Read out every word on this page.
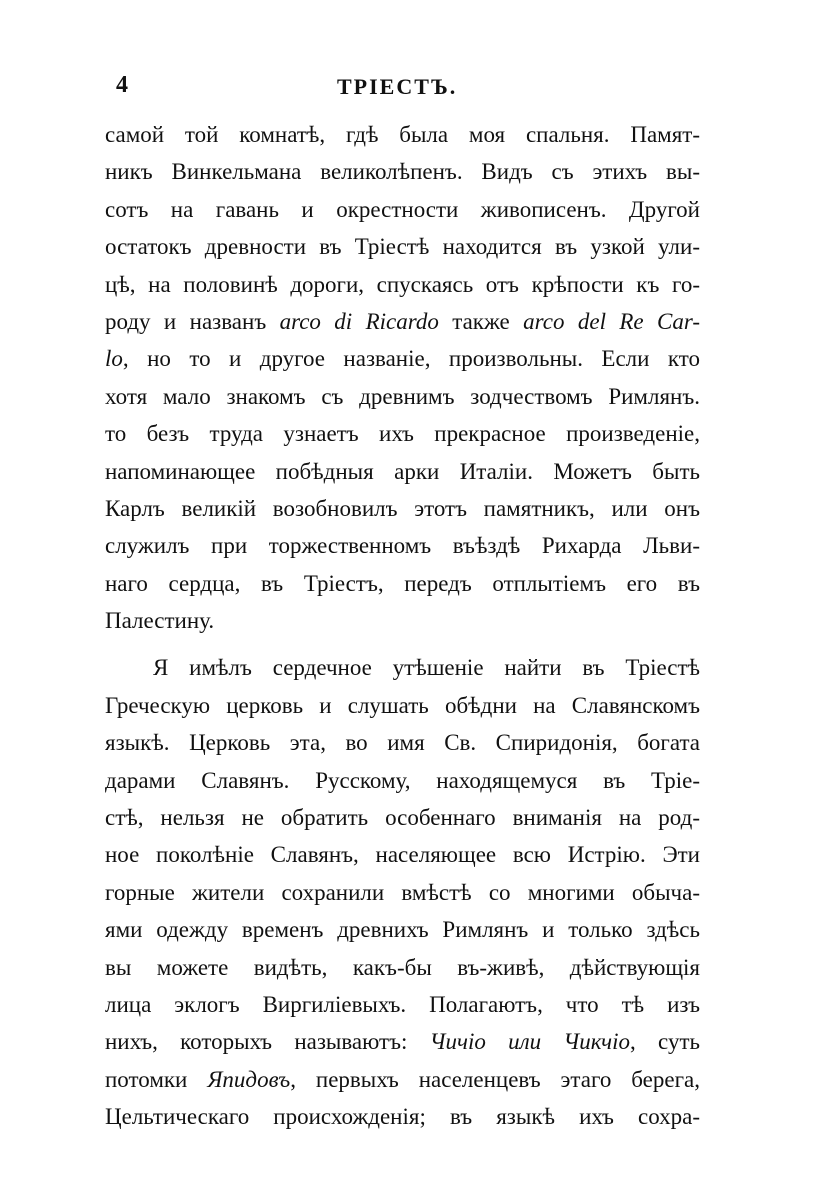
4	ТРІЕСТЪ.
самой той комнатѣ, гдѣ была моя спальня. Памят-
никъ Винкельмана великолѣпенъ. Видъ съ этихъ вы-
сотъ на гавань и окрестности живописенъ. Другой
остатокъ древности въ Тріестѣ находится въ узкой ули-
цѣ, на половинѣ дороги, спускаясь отъ крѣпости къ го-
роду и названъ arco di Ricardo также arco del Re Car-
lo, но то и другое названіе, произвольны. Если кто
хотя мало знакомъ съ древнимъ зодчествомъ Римлянъ.
то безъ труда узнаетъ ихъ прекрасное произведеніе,
напоминающее побѣдныя арки Италіи. Можетъ быть
Карлъ великій возобновилъ этотъ памятникъ, или онъ
служилъ при торжественномъ въѣздѣ Рихарда Льви-
наго сердца, въ Тріестъ, передъ отплытіемъ его въ
Палестину.
Я имѣлъ сердечное утѣшеніе найти въ Тріестѣ
Греческую церковь и слушать обѣдни на Славянскомъ
языкѣ. Церковь эта, во имя Св. Спиридонія, богата
дарами Славянъ. Русскому, находящемуся въ Тріе-
стѣ, нельзя не обратить особеннаго вниманія на род-
ное поколѣніе Славянъ, населяющее всю Истрію. Эти
горные жители сохранили вмѣстѣ со многими обыча-
ями одежду временъ древнихъ Римлянъ и только здѣсь
вы можете видѣть, какъ-бы въ-живѣ, дѣйствующія
лица эклогъ Виргиліевыхъ. Полагаютъ, что тѣ изъ
нихъ, которыхъ называютъ: Чичіо или Чикчіо, суть
потомки Япидовъ, первыхъ населенцевъ этаго берега,
Цельтическаго происхожденія; въ языкѣ ихъ сохра-
